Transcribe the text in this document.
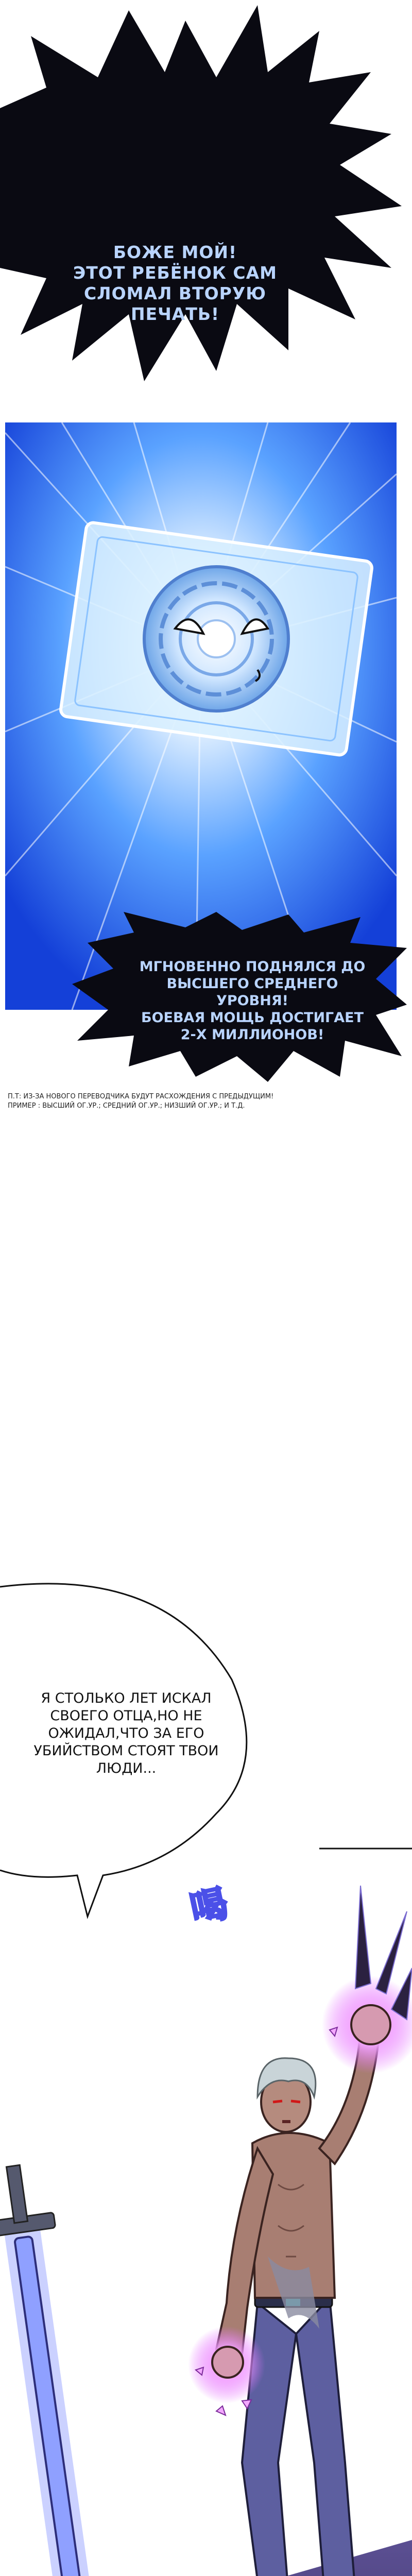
БОЖЕ МОЙ!
ЭТОТ РЕБЁНОК САМ
СЛОМАЛ ВТОРУЮ
ПЕЧАТЬ!
МГНОВЕННО ПОДНЯЛСЯ ДО
ВЫСШЕГО СРЕДНЕГО УРОВНЯ!
БОЕВАЯ МОЩЬ ДОСТИГАЕТ
2-Х МИЛЛИОНОВ!
П.Т: ИЗ-ЗА НОВОГО ПЕРЕВОДЧИКА БУДУТ РАСХОЖДЕНИЯ С ПРЕДЫДУЩИМ!
ПРИМЕР : ВЫСШИЙ ОГ.УР.; СРЕДНИЙ ОГ.УР.; НИЗШИЙ ОГ.УР.; И Т.Д.
Я СТОЛЬКО ЛЕТ ИСКАЛ
СВОЕГО ОТЦА,НО НЕ
ОЖИДАЛ,ЧТО ЗА ЕГО
УБИЙСТВОМ СТОЯТ ТВОИ
ЛЮДИ...
喝
